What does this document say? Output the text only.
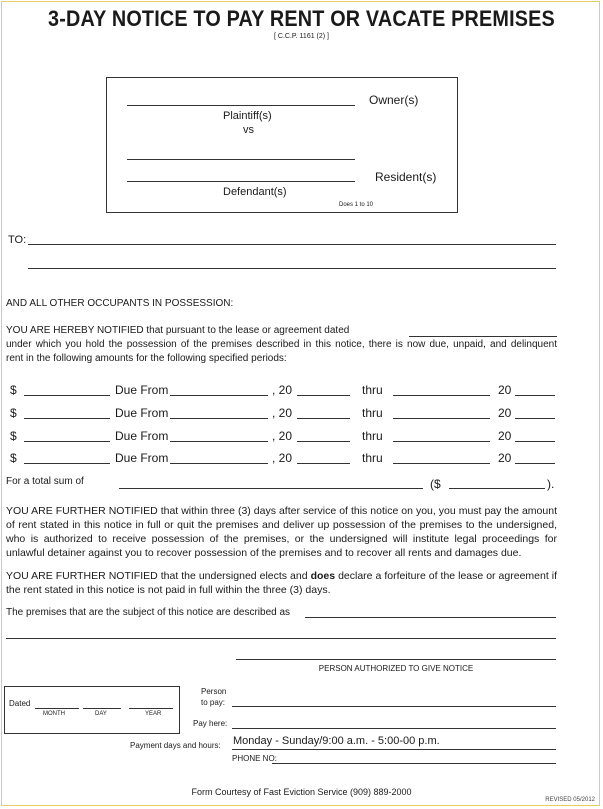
3-DAY NOTICE TO PAY RENT OR VACATE PREMISES
[ C.C.P. 1161 (2) ]
Owner(s)
Plaintiff(s)
vs
Resident(s)
Defendant(s)
Does 1 to 10
TO:
AND ALL OTHER OCCUPANTS IN POSSESSION:
YOU ARE HEREBY NOTIFIED that pursuant to the lease or agreement dated
under which you hold the possession of the premises described in this notice, there is now due, unpaid, and delinquent
rent in the following amounts for the following specified periods:
$	Due From	, 20	thru	20
$	Due From	, 20	thru	20
$	Due From	, 20	thru	20
$	Due From	, 20	thru	20
For a total sum of	($	).
YOU ARE FURTHER NOTIFIED that within three (3) days after service of this notice on you, you must pay the amount of rent stated in this notice in full or quit the premises and deliver up possession of the premises to the undersigned, who is authorized to receive possession of the premises, or the undersigned will institute legal proceedings for unlawful detainer against you to recover possession of the premises and to recover all rents and damages due.
YOU ARE FURTHER NOTIFIED that the undersigned elects and does declare a forfeiture of the lease or agreement if the rent stated in this notice is not paid in full within the three (3) days.
The premises that are the subject of this notice are described as
PERSON AUTHORIZED TO GIVE NOTICE
Dated
MONTH	DAY	YEAR
Person
to pay:
Pay here:
Payment days and hours: Monday - Sunday/9:00 a.m. - 5:00-00 p.m.
PHONE NO:
Form Courtesy of Fast Eviction Service (909) 889-2000
REVISED 05/2012
